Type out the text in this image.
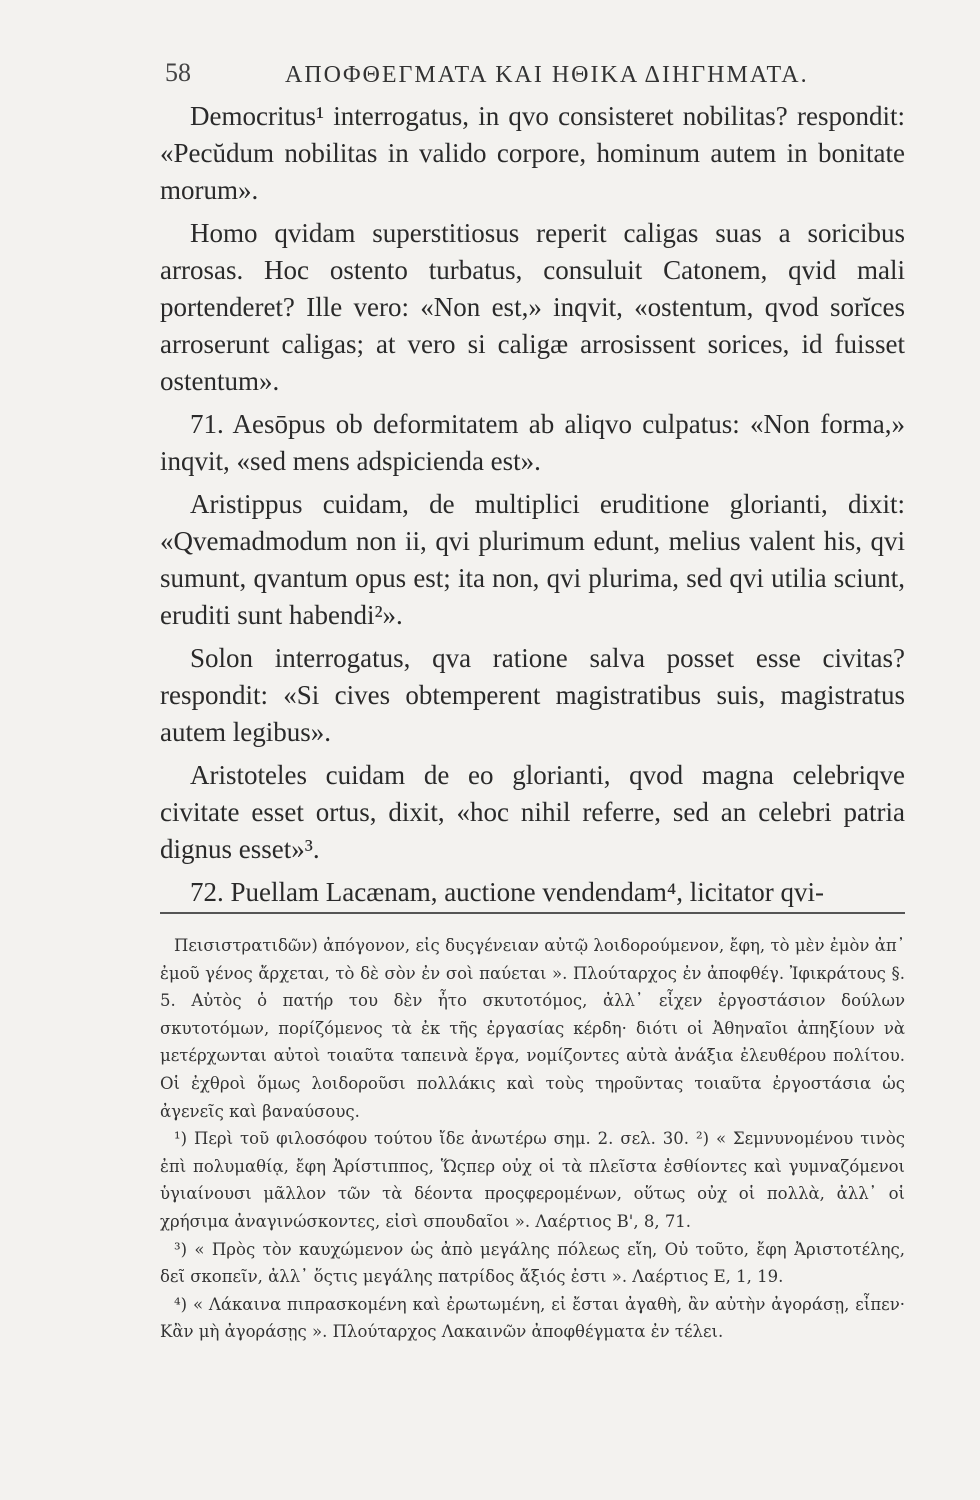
58	ΑΠΟΦΘΕΓΜΑΤΑ ΚΑΙ ΗΘΙΚΑ ΔΙΗΓΗΜΑΤΑ.

Democritus¹ interrogatus, in qvo consisteret nobilitas? respondit: «Pecŭdum nobilitas in valido corpore, hominum autem in bonitate morum».

Homo qvidam superstitiosus reperit caligas suas a soricibus arrosas. Hoc ostento turbatus, consuluit Catonem, qvid mali portenderet? Ille vero: «Non est,» inqvit, «ostentum, qvod sorĭces arroserunt caligas; at vero si caligæ arrosissent sorices, id fuisset ostentum».

71. Aesōpus ob deformitatem ab aliqvo culpatus: «Non forma,» inqvit, «sed mens adspicienda est».

Aristippus cuidam, de multiplici eruditione glorianti, dixit: «Qvemadmodum non ii, qvi plurimum edunt, melius valent his, qvi sumunt, qvantum opus est; ita non, qvi plurima, sed qvi utilia sciunt, eruditi sunt habendi²».

Solon interrogatus, qva ratione salva posset esse civitas? respondit: «Si cives obtemperent magistratibus suis, magistratus autem legibus».

Aristoteles cuidam de eo glorianti, qvod magna celebriqve civitate esset ortus, dixit, «hoc nihil referre, sed an celebri patria dignus esset»³.

72. Puellam Lacænam, auctione vendendam⁴, licitator qvi-

Πεισιστρατιδῶν) ἀπόγονον, εἰς δυςγένειαν αὐτῷ λοιδορούμενον, ἔφη, τὸ μὲν ἐμὸν ἀπ᾿ ἐμοῦ γένος ἄρχεται, τὸ δὲ σὸν ἐν σοὶ παύεται ». Πλούταρχος ἐν ἀποφθέγ. Ἰφικράτους §. 5. Αὐτὸς ὁ πατήρ του δὲν ἦτο σκυτοτόμος, ἀλλ᾿ εἶχεν ἐργοστάσιον δούλων σκυτοτόμων, πορίζόμενος τὰ ἐκ τῆς ἐργασίας κέρδη· διότι οἱ Ἀθηναῖοι ἀπηξίουν νὰ μετέρχωνται αὐτοὶ τοιαῦτα ταπεινὰ ἔργα, νομίζοντες αὐτὰ ἀνάξια ἐλευθέρου πολίτου. Οἱ ἐχθροὶ ὅμως λοιδοροῦσι πολλάκις καὶ τοὺς τηροῦντας τοιαῦτα ἐργοστάσια ὡς ἀγενεῖς καὶ βαναύσους.

¹) Περὶ τοῦ φιλοσόφου τούτου ἴδε ἀνωτέρω σημ. 2. σελ. 30. ²) « Σεμνυνομένου τινὸς ἐπὶ πολυμαθίᾳ, ἔφη Ἀρίστιππος, Ὥςπερ οὐχ οἱ τὰ πλεῖστα ἐσθίοντες καὶ γυμναζόμενοι ὑγιαίνουσι μᾶλλον τῶν τὰ δέοντα προςφερομένων, οὕτως οὐχ οἱ πολλὰ, ἀλλ᾿ οἱ χρήσιμα ἀναγινώσκοντες, εἰσὶ σπουδαῖοι ». Λαέρτιος Β', 8, 71.

³) « Πρὸς τὸν καυχώμενον ὡς ἀπὸ μεγάλης πόλεως εἴη, Οὐ τοῦτο, ἔφη Ἀριστοτέλης, δεῖ σκοπεῖν, ἀλλ᾿ ὅςτις μεγάλης πατρίδος ἄξιός ἐστι ». Λαέρτιος Ε, 1, 19.

⁴) « Λάκαινα πιπρασκομένη καὶ ἐρωτωμένη, εἰ ἔσται ἀγαθὴ, ἂν αὐτὴν ἀγοράσῃ, εἶπεν· Κἂν μὴ ἀγοράσῃς ». Πλούταρχος Λακαινῶν ἀποφθέγματα ἐν τέλει.
